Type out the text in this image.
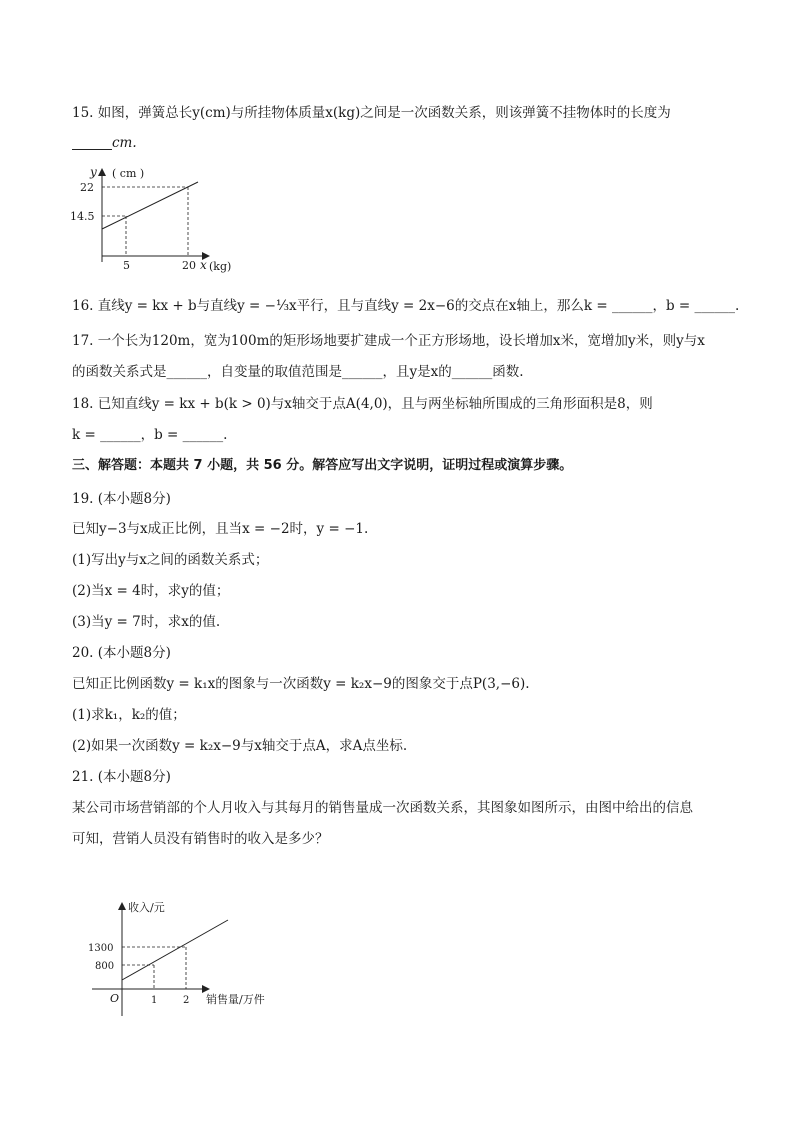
15. 如图，弹簧总长y(cm)与所挂物体质量x(kg)之间是一次函数关系，则该弹簧不挂物体时的长度为
cm.
y ( cm )
22
14.5
5	20 x (kg)
16. 直线y = kx + b与直线y = −⅓x平行，且与直线y = 2x−6的交点在x轴上，那么k = ______，b = ______.
17. 一个长为120m，宽为100m的矩形场地要扩建成一个正方形场地，设长增加x米，宽增加y米，则y与x
的函数关系式是______，自变量的取值范围是______，且y是x的______函数.
18. 已知直线y = kx + b(k > 0)与x轴交于点A(4,0)，且与两坐标轴所围成的三角形面积是8，则
k = ______，b = ______.
三、解答题：本题共 7 小题，共 56 分。解答应写出文字说明，证明过程或演算步骤。
19. (本小题8分)
已知y−3与x成正比例，且当x = −2时，y = −1.
(1)写出y与x之间的函数关系式；
(2)当x = 4时，求y的值；
(3)当y = 7时，求x的值.
20. (本小题8分)
已知正比例函数y = k₁x的图象与一次函数y = k₂x−9的图象交于点P(3,−6).
(1)求k₁，k₂的值；
(2)如果一次函数y = k₂x−9与x轴交于点A，求A点坐标.
21. (本小题8分)
某公司市场营销部的个人月收入与其每月的销售量成一次函数关系，其图象如图所示，由图中给出的信息
可知，营销人员没有销售时的收入是多少？
收入/元
1300
800
O	1	2 销售量/万件
